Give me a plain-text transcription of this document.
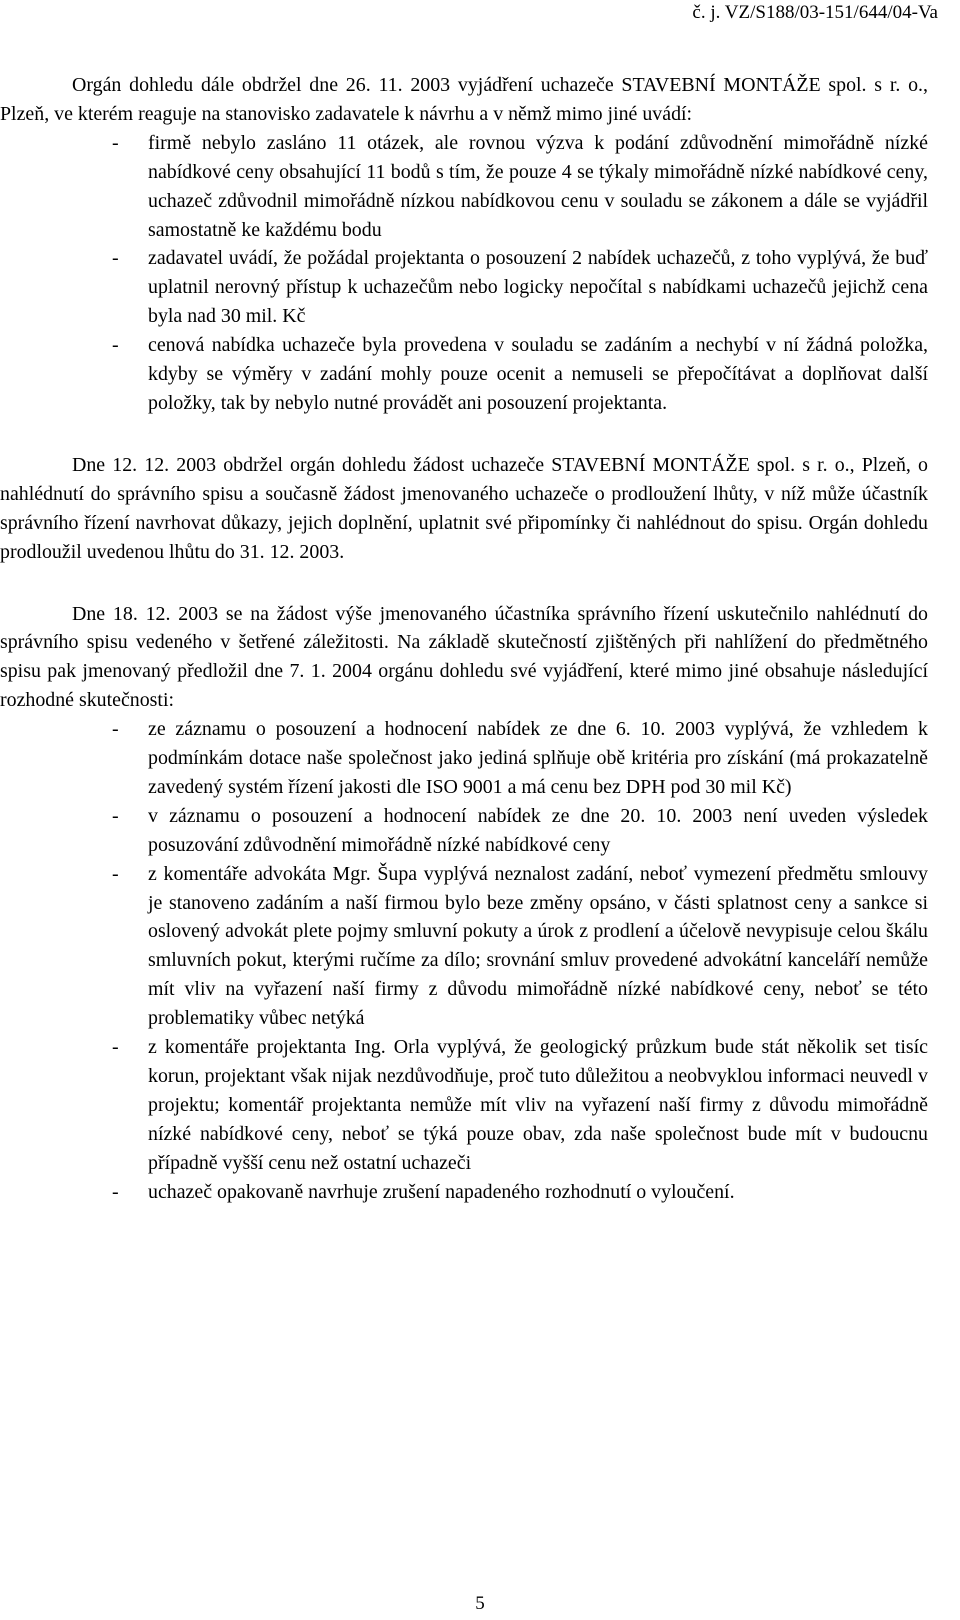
č. j. VZ/S188/03-151/644/04-Va

Orgán dohledu dále obdržel dne 26. 11. 2003 vyjádření uchazeče STAVEBNÍ MONTÁŽE spol. s r. o., Plzeň, ve kterém reaguje na stanovisko zadavatele k návrhu a v němž mimo jiné uvádí:

- firmě nebylo zasláno 11 otázek, ale rovnou výzva k podání zdůvodnění mimořádně nízké nabídkové ceny obsahující 11 bodů s tím, že pouze 4 se týkaly mimořádně nízké nabídkové ceny, uchazeč zdůvodnil mimořádně nízkou nabídkovou cenu v souladu se zákonem a dále se vyjádřil samostatně ke každému bodu
- zadavatel uvádí, že požádal projektanta o posouzení 2 nabídek uchazečů, z toho vyplývá, že buď uplatnil nerovný přístup k uchazečům nebo logicky nepočítal s nabídkami uchazečů jejichž cena byla nad 30 mil. Kč
- cenová nabídka uchazeče byla provedena v souladu se zadáním a nechybí v ní žádná položka, kdyby se výměry v zadání mohly pouze ocenit a nemuseli se přepočítávat a doplňovat další položky, tak by nebylo nutné provádět ani posouzení projektanta.

Dne 12. 12. 2003 obdržel orgán dohledu žádost uchazeče STAVEBNÍ MONTÁŽE spol. s r. o., Plzeň, o nahlédnutí do správního spisu a současně žádost jmenovaného uchazeče o prodloužení lhůty, v níž může účastník správního řízení navrhovat důkazy, jejich doplnění, uplatnit své připomínky či nahlédnout do spisu. Orgán dohledu prodloužil uvedenou lhůtu do 31. 12. 2003.

Dne 18. 12. 2003 se na žádost výše jmenovaného účastníka správního řízení uskutečnilo nahlédnutí do správního spisu vedeného v šetřené záležitosti. Na základě skutečností zjištěných při nahlížení do předmětného spisu pak jmenovaný předložil dne 7. 1. 2004 orgánu dohledu své vyjádření, které mimo jiné obsahuje následující rozhodné skutečnosti:

- ze záznamu o posouzení a hodnocení nabídek ze dne 6. 10. 2003 vyplývá, že vzhledem k podmínkám dotace naše společnost jako jediná splňuje obě kritéria pro získání (má prokazatelně zavedený systém řízení jakosti dle ISO 9001 a má cenu bez DPH pod 30 mil Kč)
- v záznamu o posouzení a hodnocení nabídek ze dne 20. 10. 2003 není uveden výsledek posuzování zdůvodnění mimořádně nízké nabídkové ceny
- z komentáře advokáta Mgr. Šupa vyplývá neznalost zadání, neboť vymezení předmětu smlouvy je stanoveno zadáním a naší firmou bylo beze změny opsáno, v části splatnost ceny a sankce si oslovený advokát plete pojmy smluvní pokuty a úrok z prodlení a účelově nevypisuje celou škálu smluvních pokut, kterými ručíme za dílo; srovnání smluv provedené advokátní kanceláří nemůže mít vliv na vyřazení naší firmy z důvodu mimořádně nízké nabídkové ceny, neboť se této problematiky vůbec netýká
- z komentáře projektanta Ing. Orla vyplývá, že geologický průzkum bude stát několik set tisíc korun, projektant však nijak nezdůvodňuje, proč tuto důležitou a neobvyklou informaci neuvedl v projektu; komentář projektanta nemůže mít vliv na vyřazení naší firmy z důvodu mimořádně nízké nabídkové ceny, neboť se týká pouze obav, zda naše společnost bude mít v budoucnu případně vyšší cenu než ostatní uchazeči
- uchazeč opakovaně navrhuje zrušení napadeného rozhodnutí o vyloučení.
5
